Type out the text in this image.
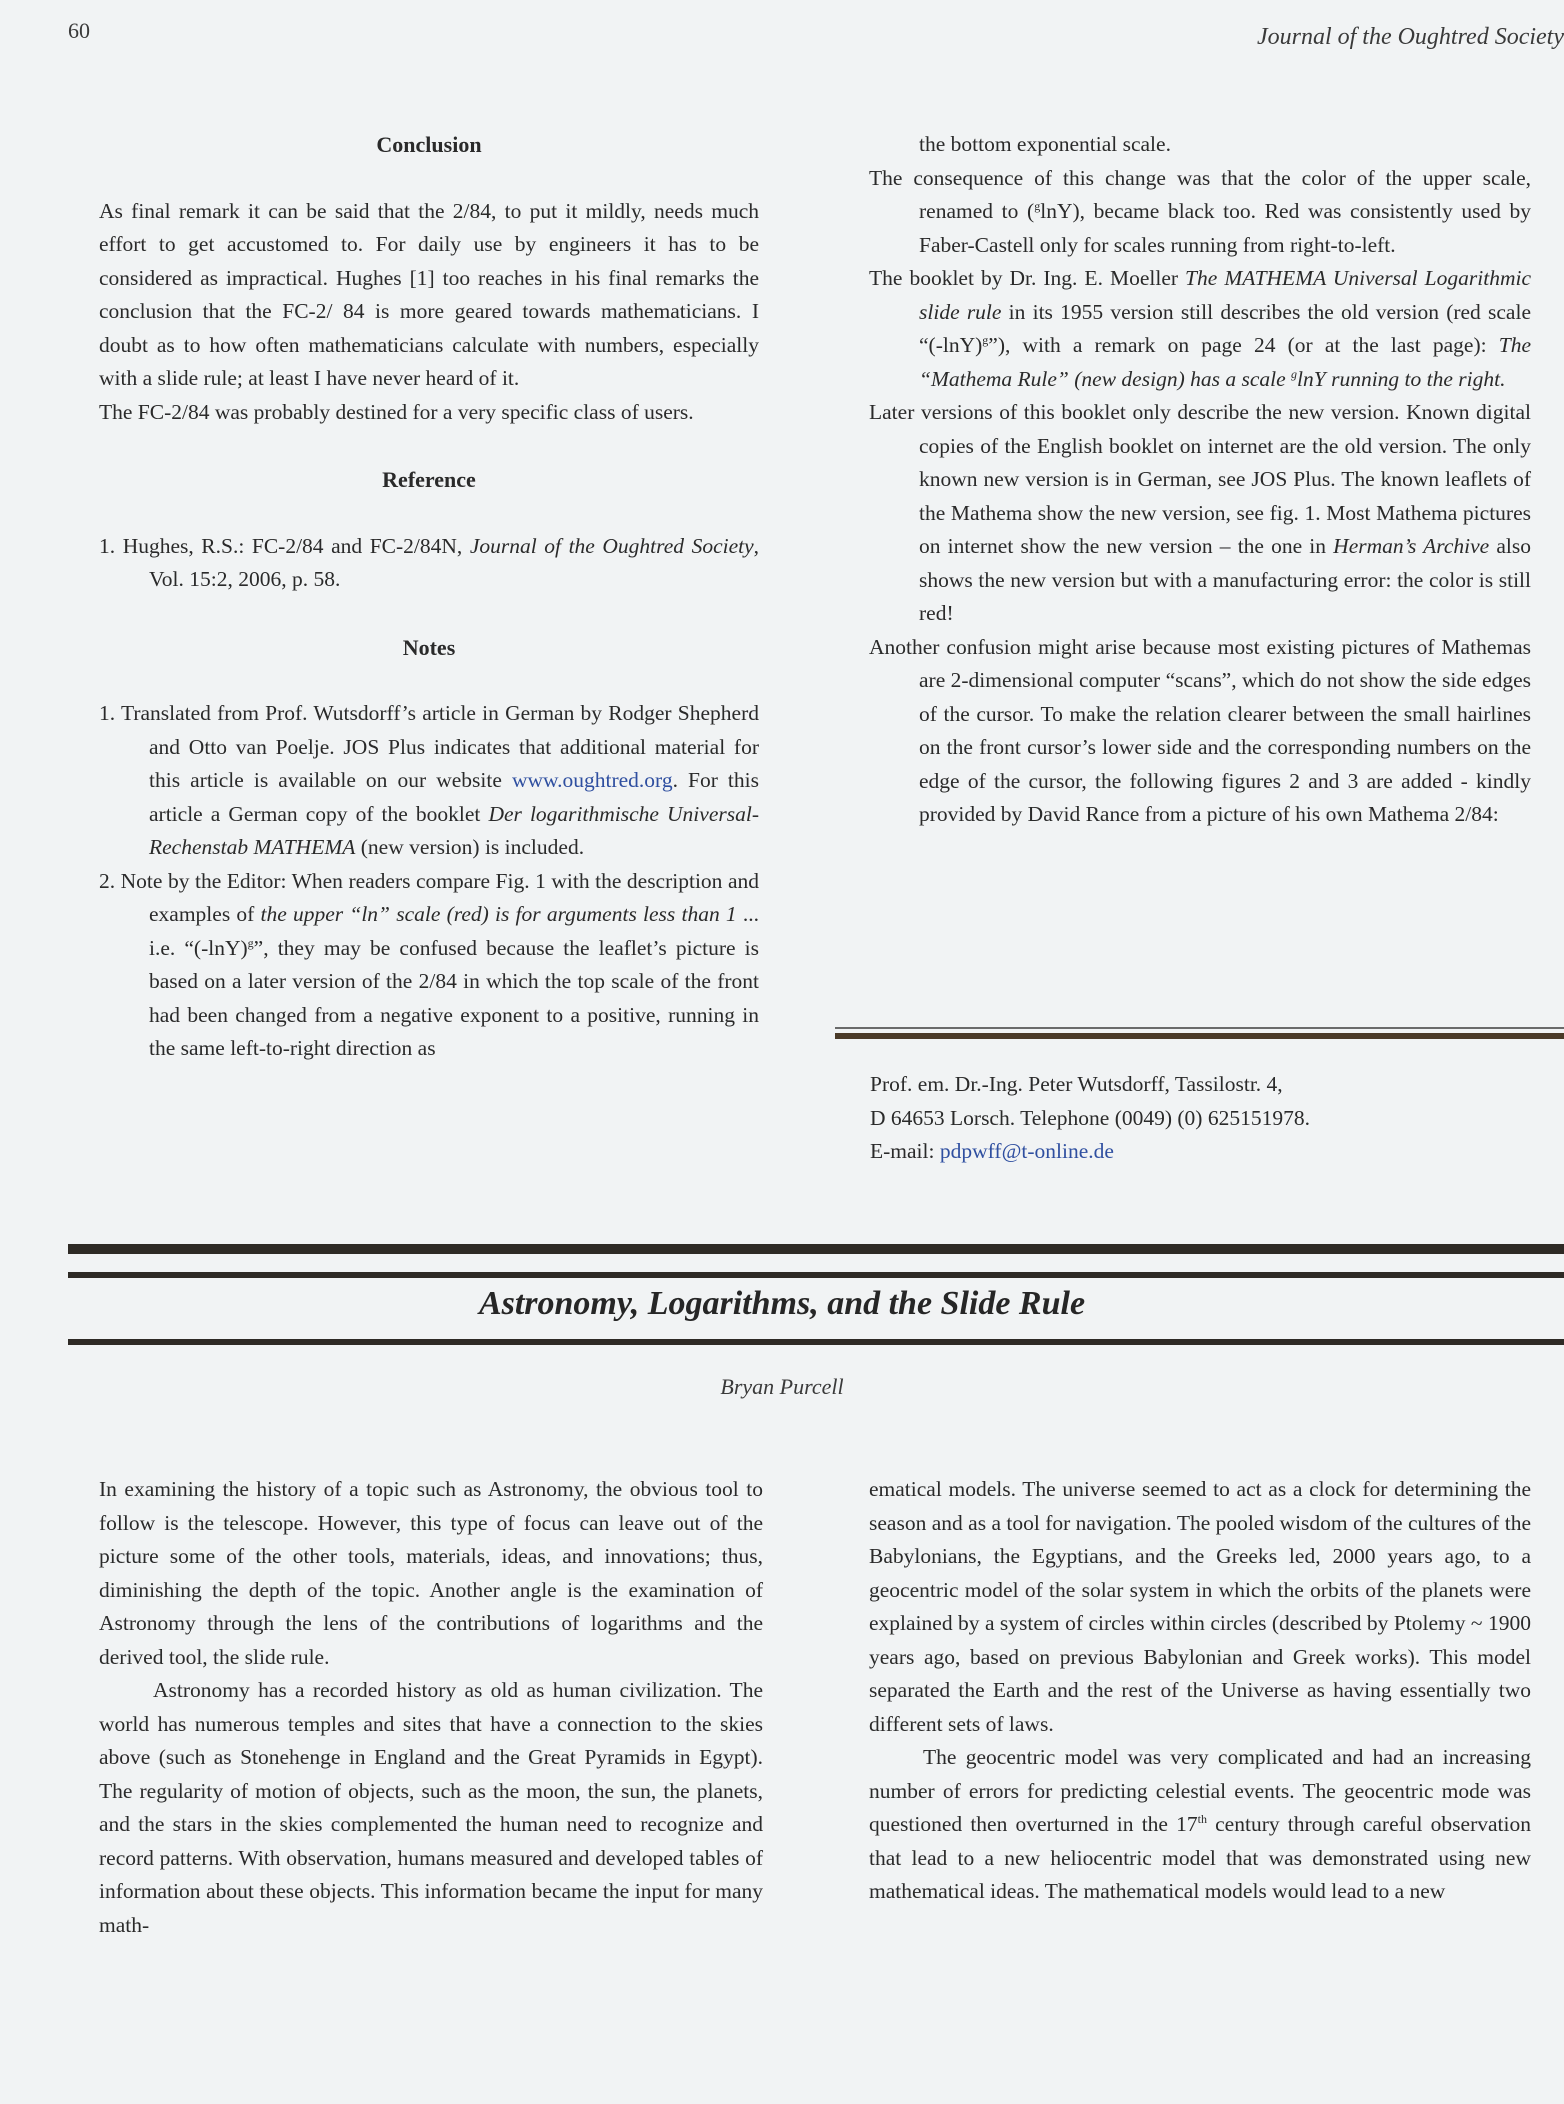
60	Journal of the Oughtred Society
Conclusion

As final remark it can be said that the 2/84, to put it mildly, needs much effort to get accustomed to. For daily use by engineers it has to be considered as impractical. Hughes [1] too reaches in his final remarks the conclusion that the FC-2/ 84 is more geared towards mathematicians. I doubt as to how often mathematicians calculate with numbers, especially with a slide rule; at least I have never heard of it.

The FC-2/84 was probably destined for a very specific class of users.

Reference

1. Hughes, R.S.: FC-2/84 and FC-2/84N, Journal of the Oughtred Society, Vol. 15:2, 2006, p. 58.

Notes

1. Translated from Prof. Wutsdorff’s article in German by Rodger Shepherd and Otto van Poelje. JOS Plus indicates that additional material for this article is available on our website www.oughtred.org. For this article a German copy of the booklet Der logarithmische Universal-Rechenstab MATHEMA (new version) is included.

2. Note by the Editor: When readers compare Fig. 1 with the description and examples of the upper “ln” scale (red) is for arguments less than 1 ... i.e. “$(-\ln Y)^g$”, they may be confused because the leaflet’s picture is based on a later version of the 2/84 in which the top scale of the front had been changed from a negative exponent to a positive, running in the same left-to-right direction as

the bottom exponential scale.

The consequence of this change was that the color of the upper scale, renamed to ($^g$lnY), became black too. Red was consistently used by Faber-Castell only for scales running from right-to-left.

The booklet by Dr. Ing. E. Moeller The MATHEMA Universal Logarithmic slide rule in its 1955 version still describes the old version (red scale “$(-\ln Y)^g$”), with a remark on page 24 (or at the last page): The “Mathema Rule” (new design) has a scale $^g$lnY running to the right.

Later versions of this booklet only describe the new version. Known digital copies of the English booklet on internet are the old version. The only known new version is in German, see JOS Plus. The known leaflets of the Mathema show the new version, see fig. 1. Most Mathema pictures on internet show the new version – the one in Herman’s Archive also shows the new version but with a manufacturing error: the color is still red!

Another confusion might arise because most existing pictures of Mathemas are 2-dimensional computer “scans”, which do not show the side edges of the cursor. To make the relation clearer between the small hairlines on the front cursor’s lower side and the corresponding numbers on the edge of the cursor, the following figures 2 and 3 are added - kindly provided by David Rance from a picture of his own Mathema 2/84:

Prof. em. Dr.-Ing. Peter Wutsdorff, Tassilostr. 4,
D 64653 Lorsch. Telephone (0049) (0) 625151978.
E-mail: pdpwff@t-online.de
Astronomy, Logarithms, and the Slide Rule
Bryan Purcell

In examining the history of a topic such as Astronomy, the obvious tool to follow is the telescope. However, this type of focus can leave out of the picture some of the other tools, materials, ideas, and innovations; thus, diminishing the depth of the topic. Another angle is the examination of Astronomy through the lens of the contributions of logarithms and the derived tool, the slide rule.

Astronomy has a recorded history as old as human civilization. The world has numerous temples and sites that have a connection to the skies above (such as Stonehenge in England and the Great Pyramids in Egypt). The regularity of motion of objects, such as the moon, the sun, the planets, and the stars in the skies complemented the human need to recognize and record patterns. With observation, humans measured and developed tables of information about these objects. This information became the input for many math-

ematical models. The universe seemed to act as a clock for determining the season and as a tool for navigation. The pooled wisdom of the cultures of the Babylonians, the Egyptians, and the Greeks led, 2000 years ago, to a geocentric model of the solar system in which the orbits of the planets were explained by a system of circles within circles (described by Ptolemy ~ 1900 years ago, based on previous Babylonian and Greek works). This model separated the Earth and the rest of the Universe as having essentially two different sets of laws.

The geocentric model was very complicated and had an increasing number of errors for predicting celestial events. The geocentric mode was questioned then overturned in the 17th century through careful observation that lead to a new heliocentric model that was demonstrated using new mathematical ideas. The mathematical models would lead to a new
